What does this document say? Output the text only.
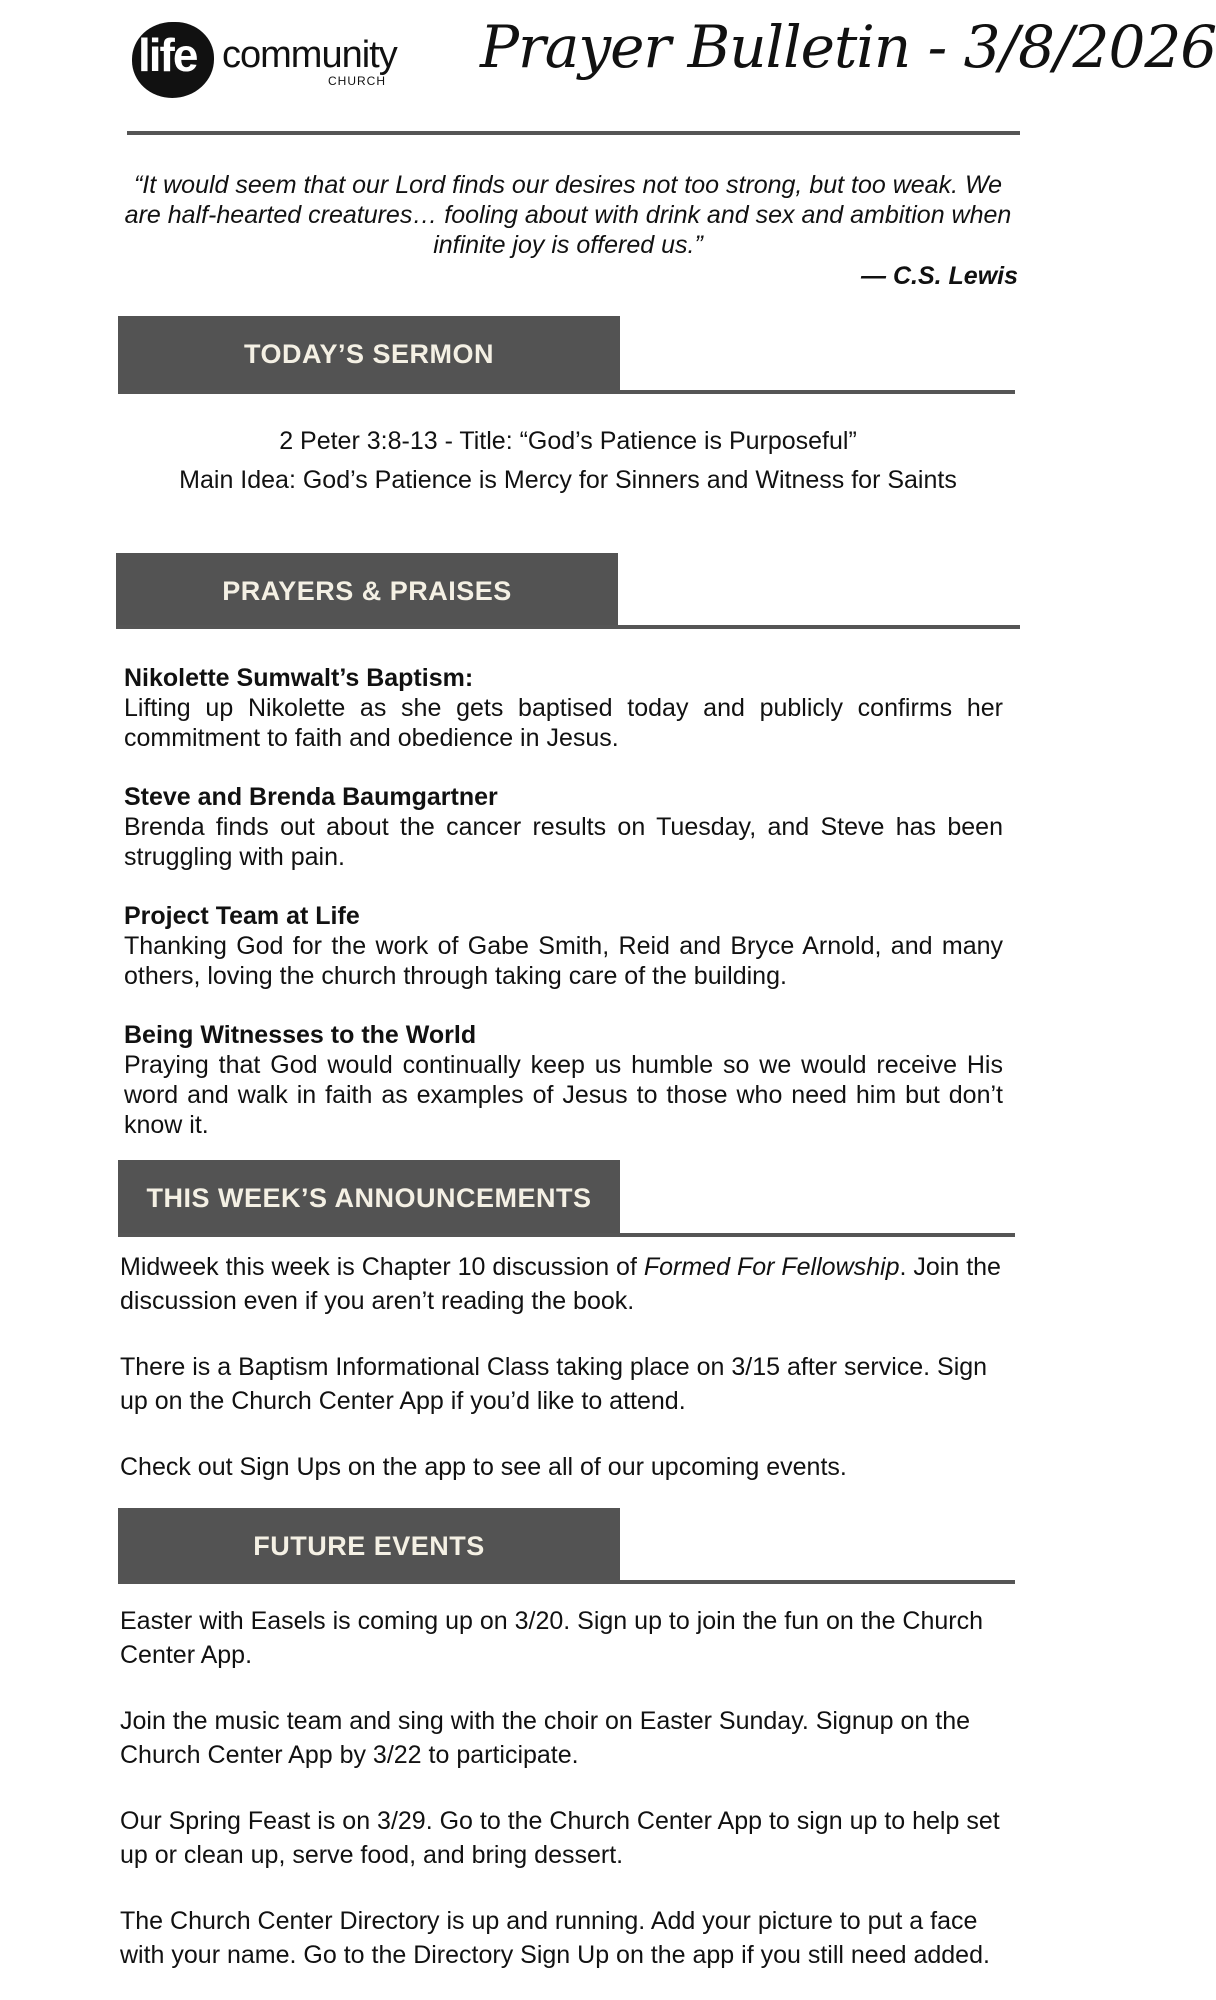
life community
CHURCH Prayer Bulletin - 3/8/2026
“It would seem that our Lord finds our desires not too strong, but too weak. We are half-hearted creatures… fooling about with drink and sex and ambition when infinite joy is offered us.”
— C.S. Lewis
TODAY’S SERMON
2 Peter 3:8-13 - Title: “God’s Patience is Purposeful”
Main Idea: God’s Patience is Mercy for Sinners and Witness for Saints
PRAYERS & PRAISES
Nikolette Sumwalt’s Baptism:
Lifting up Nikolette as she gets baptised today and publicly confirms her commitment to faith and obedience in Jesus.
Steve and Brenda Baumgartner
Brenda finds out about the cancer results on Tuesday, and Steve has been struggling with pain.
Project Team at Life
Thanking God for the work of Gabe Smith, Reid and Bryce Arnold, and many others, loving the church through taking care of the building.
Being Witnesses to the World
Praying that God would continually keep us humble so we would receive His word and walk in faith as examples of Jesus to those who need him but don’t know it.
THIS WEEK’S ANNOUNCEMENTS
Midweek this week is Chapter 10 discussion of Formed For Fellowship. Join the discussion even if you aren’t reading the book.
There is a Baptism Informational Class taking place on 3/15 after service. Sign up on the Church Center App if you’d like to attend.
Check out Sign Ups on the app to see all of our upcoming events.
FUTURE EVENTS
Easter with Easels is coming up on 3/20. Sign up to join the fun on the Church Center App.
Join the music team and sing with the choir on Easter Sunday. Signup on the Church Center App by 3/22 to participate.
Our Spring Feast is on 3/29. Go to the Church Center App to sign up to help set up or clean up, serve food, and bring dessert.
The Church Center Directory is up and running. Add your picture to put a face with your name. Go to the Directory Sign Up on the app if you still need added.
